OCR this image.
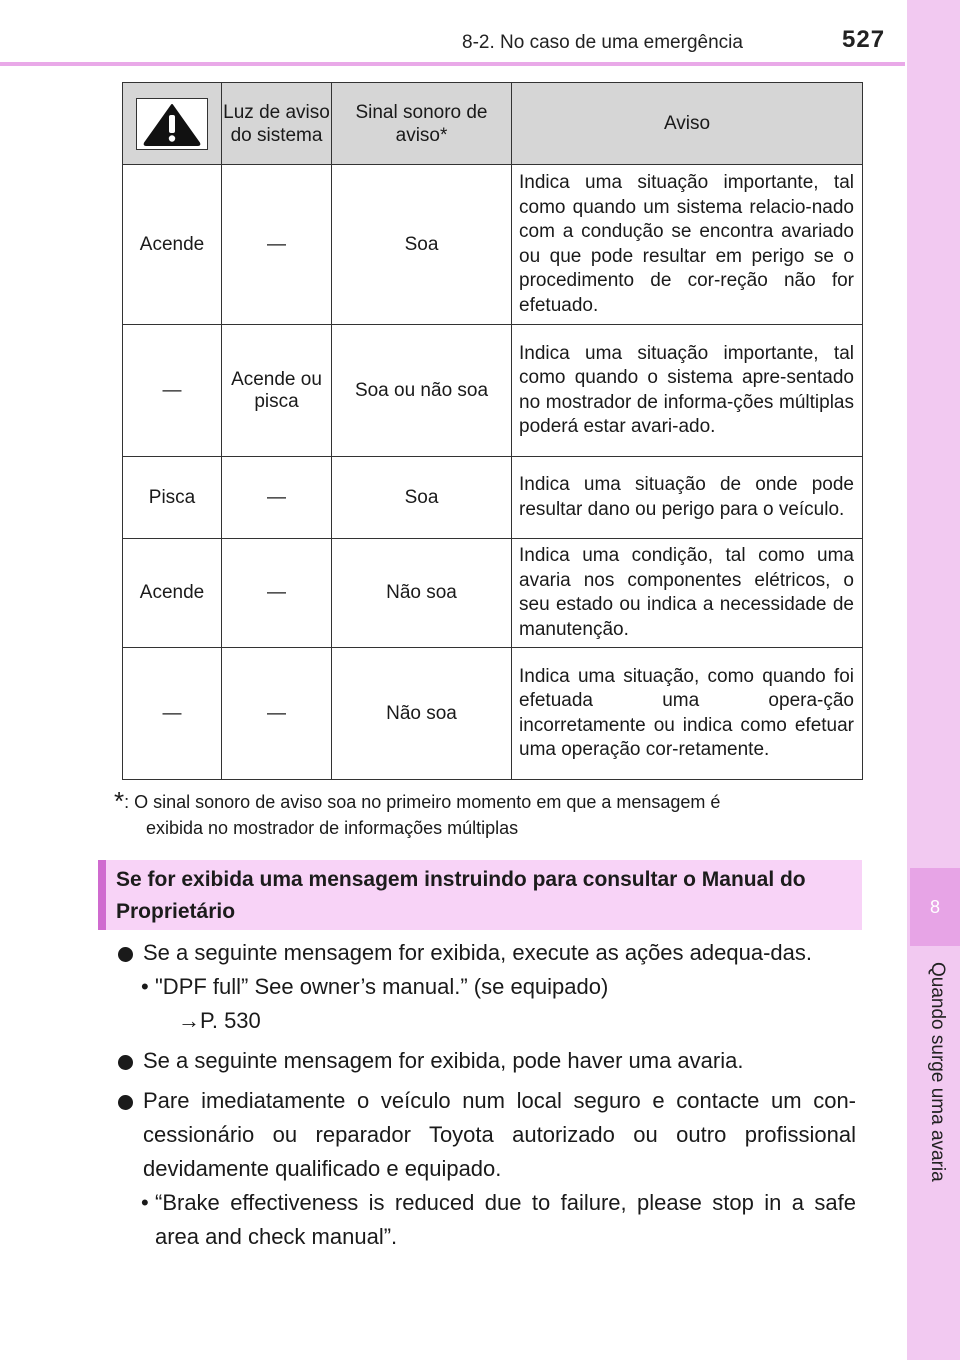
8-2. No caso de uma emergência	527
8
Quando surge uma avaria
	Luz de aviso do sistema	Sinal sonoro de aviso*	Aviso
Acende	—	Soa	Indica uma situação importante, tal como quando um sistema relacio-nado com a condução se encontra avariado ou que pode resultar em perigo se o procedimento de cor-reção não for efetuado.
—	Acende ou pisca	Soa ou não soa	Indica uma situação importante, tal como quando o sistema apre-sentado no mostrador de informa-ções múltiplas poderá estar avari-ado.
Pisca	—	Soa	Indica uma situação de onde pode resultar dano ou perigo para o veículo.
Acende	—	Não soa	Indica uma condição, tal como uma avaria nos componentes elétricos, o seu estado ou indica a necessidade de manutenção.
—	—	Não soa	Indica uma situação, como quando foi efetuada uma opera-ção incorretamente ou indica como efetuar uma operação cor-retamente.
*: O sinal sonoro de aviso soa no primeiro momento em que a mensagem é
exibida no mostrador de informações múltiplas
Se for exibida uma mensagem instruindo para consultar o Manual do Proprietário
Se a seguinte mensagem for exibida, execute as ações adequa-das.
• "DPF full” See owner’s manual.” (se equipado)
→P. 530
Se a seguinte mensagem for exibida, pode haver uma avaria.
Pare imediatamente o veículo num local seguro e contacte um con-cessionário ou reparador Toyota autorizado ou outro profissional devidamente qualificado e equipado.
• “Brake effectiveness is reduced due to failure, please stop in a safe area and check manual”.
